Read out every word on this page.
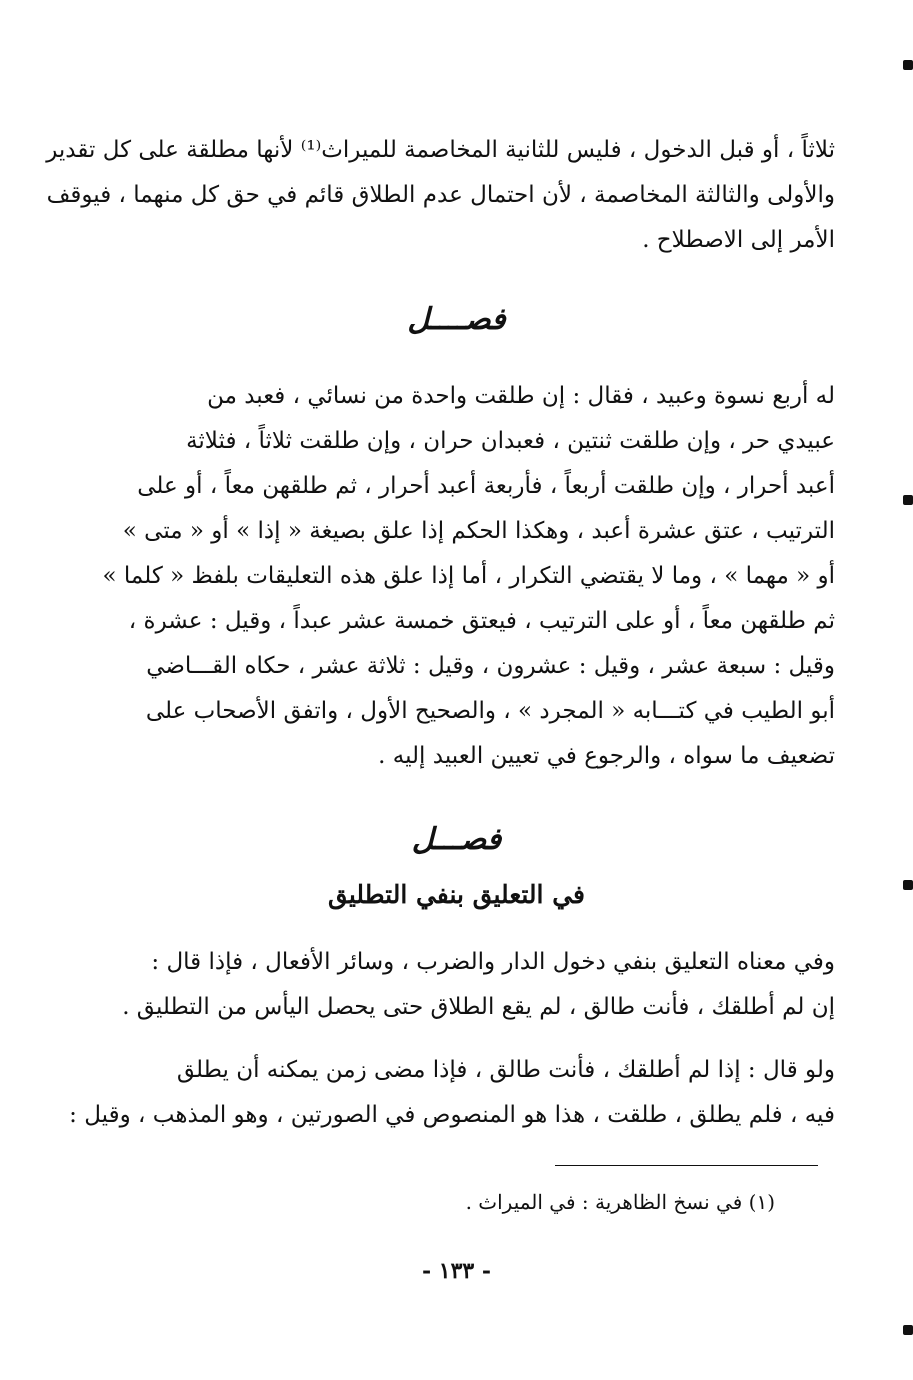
ثلاثاً ، أو قبل الدخول ، فليس للثانية المخاصمة للميراث⁽¹⁾ لأنها مطلقة على كل تقدير
والأولى والثالثة المخاصمة ، لأن احتمال عدم الطلاق قائم في حق كل منهما ، فيوقف
الأمر إلى الاصطلاح .
فصــــل
له أربع نسوة وعبيد ، فقال : إن طلقت واحدة من نسائي ، فعبد من
عبيدي حر ، وإن طلقت ثنتين ، فعبدان حران ، وإن طلقت ثلاثاً ، فثلاثة
أعبد أحرار ، وإن طلقت أربعاً ، فأربعة أعبد أحرار ، ثم طلقهن معاً ، أو على
الترتيب ، عتق عشرة أعبد ، وهكذا الحكم إذا علق بصيغة « إذا » أو « متى »
أو « مهما » ، وما لا يقتضي التكرار ، أما إذا علق هذه التعليقات بلفظ « كلما »
ثم طلقهن معاً ، أو على الترتيب ، فيعتق خمسة عشر عبداً ، وقيل : عشرة ،
وقيل : سبعة عشر ، وقيل : عشرون ، وقيل : ثلاثة عشر ، حكاه القـــاضي
أبو الطيب في كتـــابه « المجرد » ، والصحيح الأول ، واتفق الأصحاب على
تضعيف ما سواه ، والرجوع في تعيين العبيد إليه .
فصـــل
في التعليق بنفي التطليق
وفي معناه التعليق بنفي دخول الدار والضرب ، وسائر الأفعال ، فإذا قال :
إن لم أطلقك ، فأنت طالق ، لم يقع الطلاق حتى يحصل اليأس من التطليق .
ولو قال : إذا لم أطلقك ، فأنت طالق ، فإذا مضى زمن يمكنه أن يطلق
فيه ، فلم يطلق ، طلقت ، هذا هو المنصوص في الصورتين ، وهو المذهب ، وقيل :
(١) في نسخ الظاهرية : في الميراث .
- ١٣٣ -
